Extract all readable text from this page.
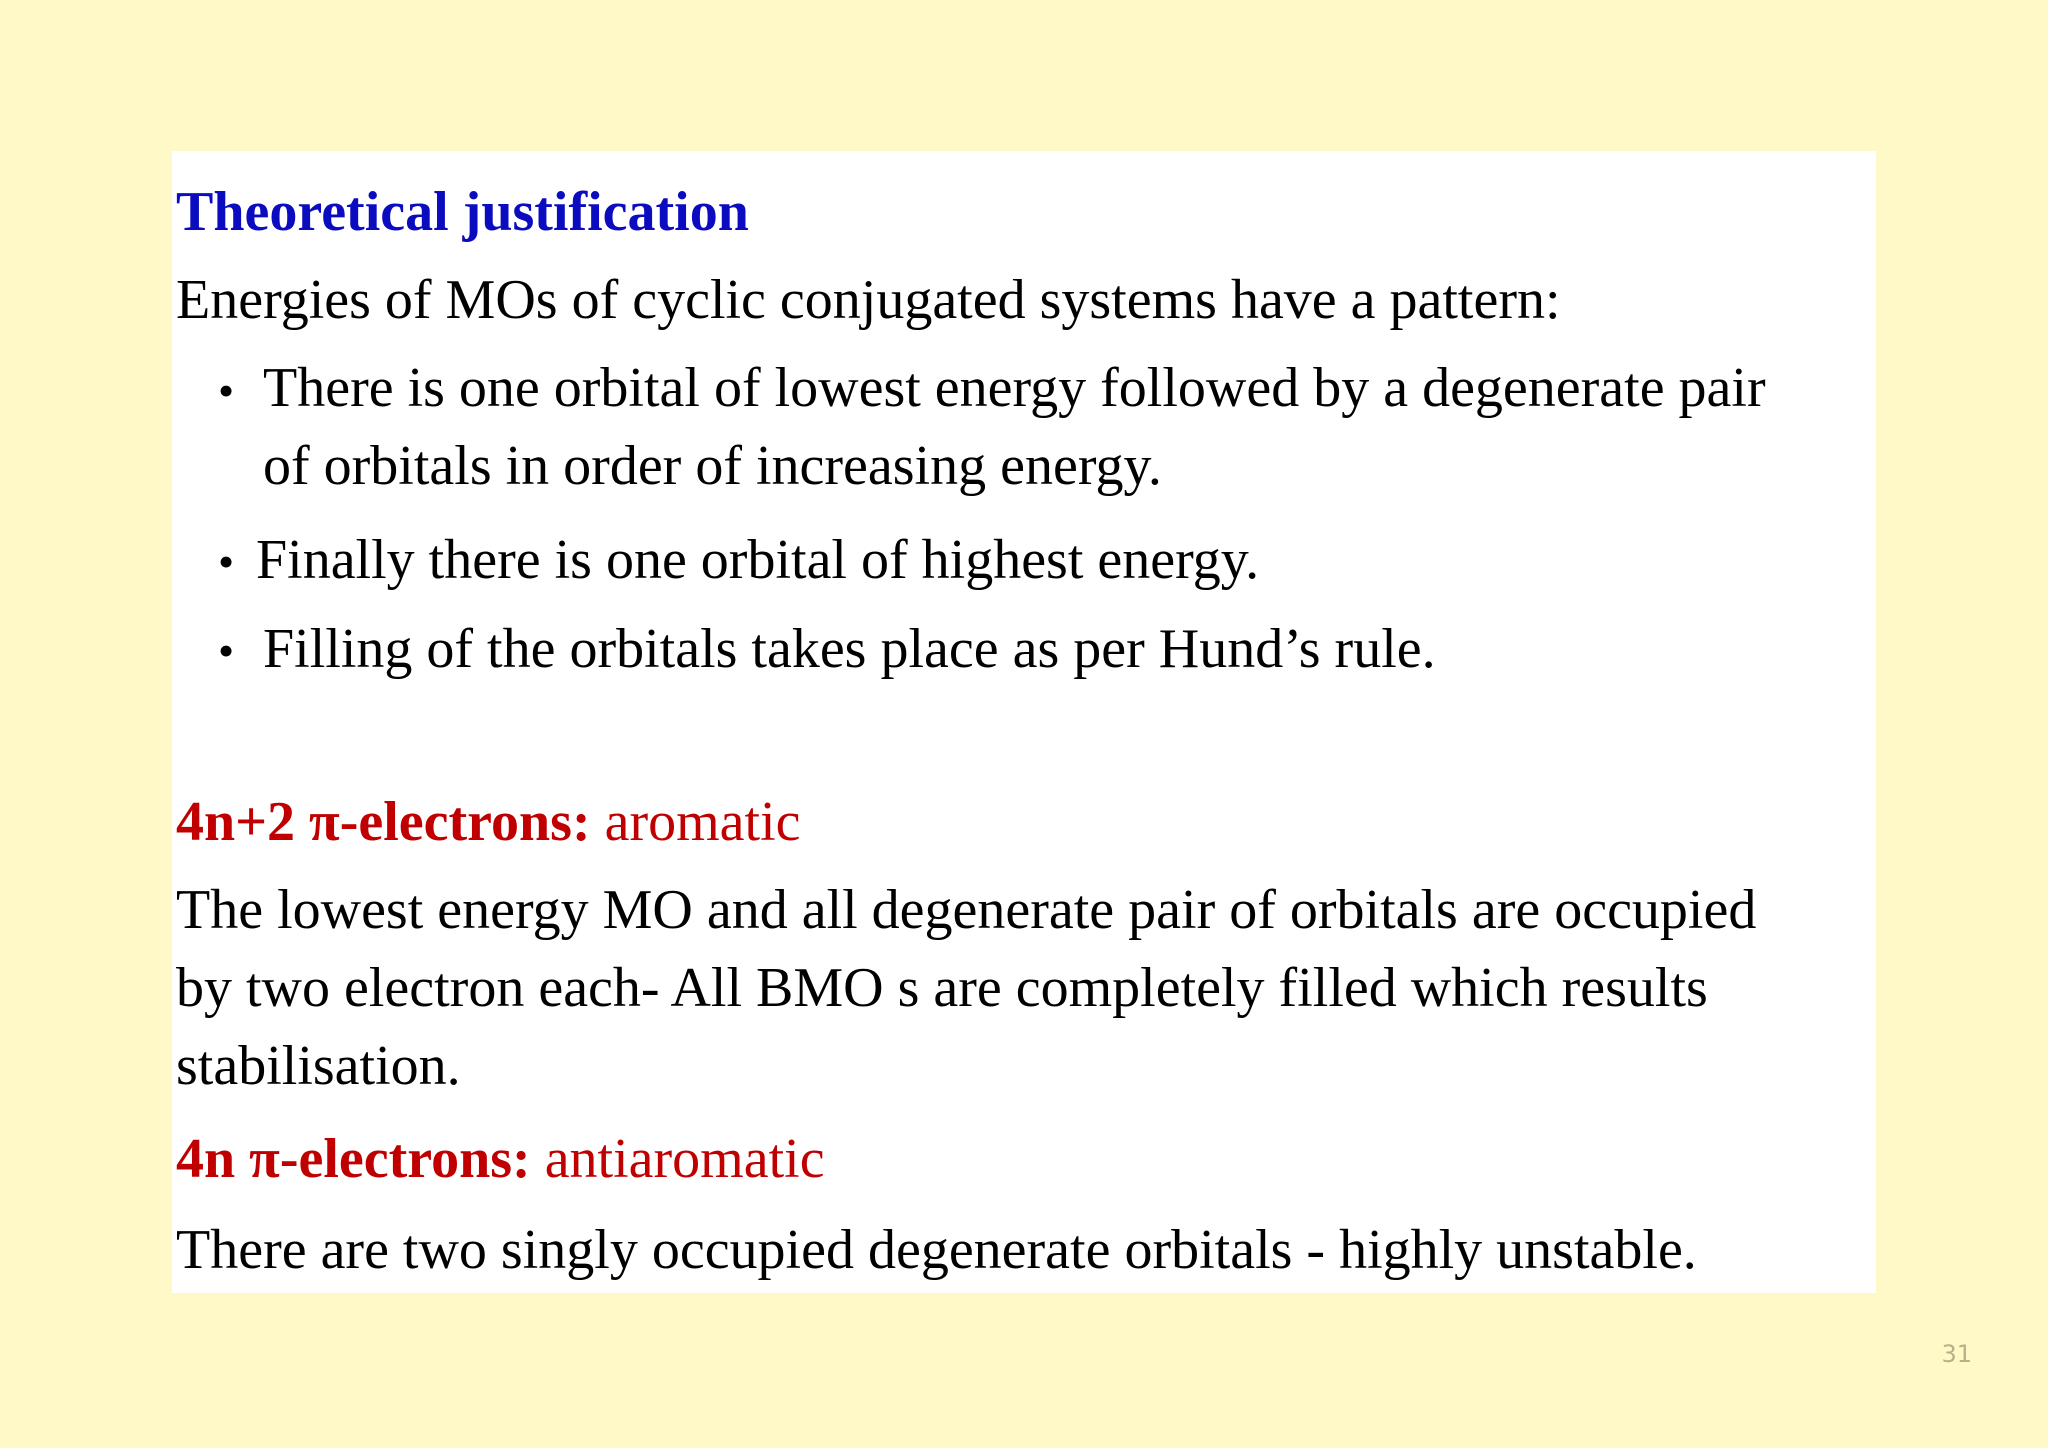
Theoretical justification
Energies of MOs of cyclic conjugated systems have a pattern:
• There is one orbital of lowest energy followed by a degenerate pair
of orbitals in order of increasing energy.
• Finally there is one orbital of highest energy.
• Filling of the orbitals takes place as per Hund’s rule.
4n+2 π-electrons: aromatic
The lowest energy MO and all degenerate pair of orbitals are occupied
by two electron each- All BMO s are completely filled which results
stabilisation.
4n π-electrons: antiaromatic
There are two singly occupied degenerate orbitals - highly unstable.
31
